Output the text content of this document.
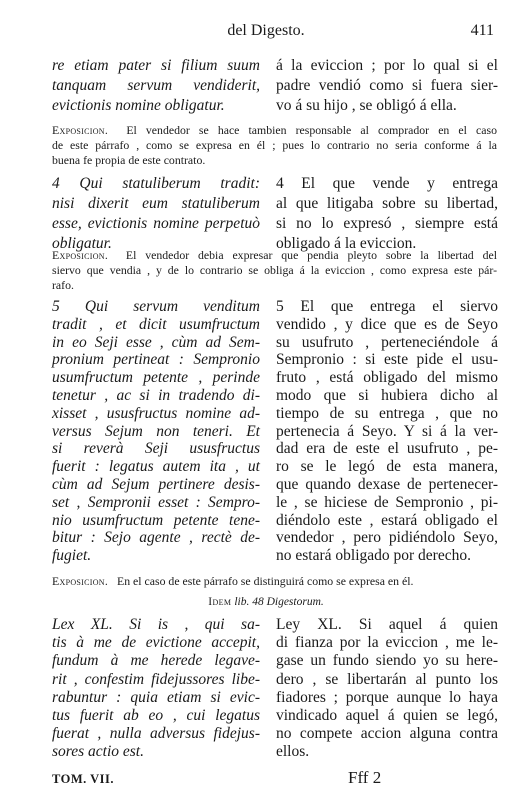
del Digesto.	411
re etiam pater si filium suum
tanquam servum vendiderit,
evictionis nomine obligatur.
á la eviccion ; por lo qual si el
padre vendió como si fuera sier-
vo á su hijo , se obligó á ella.
Exposicion. El vendedor se hace tambien responsable al comprador en el caso
de este párrafo , como se expresa en él ; pues lo contrario no seria conforme á la
buena fe propia de este contrato.
4 Qui statuliberum tradit:
nisi dixerit eum statuliberum
esse, evictionis nomine perpetuò
obligatur.
4 El que vende y entrega
al que litigaba sobre su libertad,
si no lo expresó , siempre está
obligado á la eviccion.
Exposicion. El vendedor debia expresar que pendia pleyto sobre la libertad del
siervo que vendia , y de lo contrario se obliga á la eviccion , como expresa este pár-
rafo.
5 Qui servum venditum
tradit , et dicit usumfructum
in eo Seji esse , cùm ad Sem-
pronium pertineat : Sempronio
usumfructum petente , perinde
tenetur , ac si in tradendo di-
xisset , ususfructus nomine ad-
versus Sejum non teneri. Et
si reverà Seji ususfructus
fuerit : legatus autem ita , ut
cùm ad Sejum pertinere desis-
set , Sempronii esset : Sempro-
nio usumfructum petente tene-
bitur : Sejo agente , rectè de-
fugiet.
5 El que entrega el siervo
vendido , y dice que es de Seyo
su usufruto , perteneciéndole á
Sempronio : si este pide el usu-
fruto , está obligado del mismo
modo que si hubiera dicho al
tiempo de su entrega , que no
pertenecia á Seyo. Y si á la ver-
dad era de este el usufruto , pe-
ro se le legó de esta manera,
que quando dexase de pertenecer-
le , se hiciese de Sempronio , pi-
diéndolo este , estará obligado el
vendedor , pero pidiéndolo Seyo,
no estará obligado por derecho.
Exposicion. En el caso de este párrafo se distinguirá como se expresa en él.
Idem lib. 48 Digestorum.
Lex XL. Si is , qui sa-
tis à me de evictione accepit,
fundum à me herede legave-
rit , confestim fidejussores libe-
rabuntur : quia etiam si evic-
tus fuerit ab eo , cui legatus
fuerat , nulla adversus fidejus-
sores actio est.
Ley XL. Si aquel á quien
di fianza por la eviccion , me le-
gase un fundo siendo yo su here-
dero , se libertarán al punto los
fiadores ; porque aunque lo haya
vindicado aquel á quien se legó,
no compete accion alguna contra
ellos.
TOM. VII.	Fff 2
